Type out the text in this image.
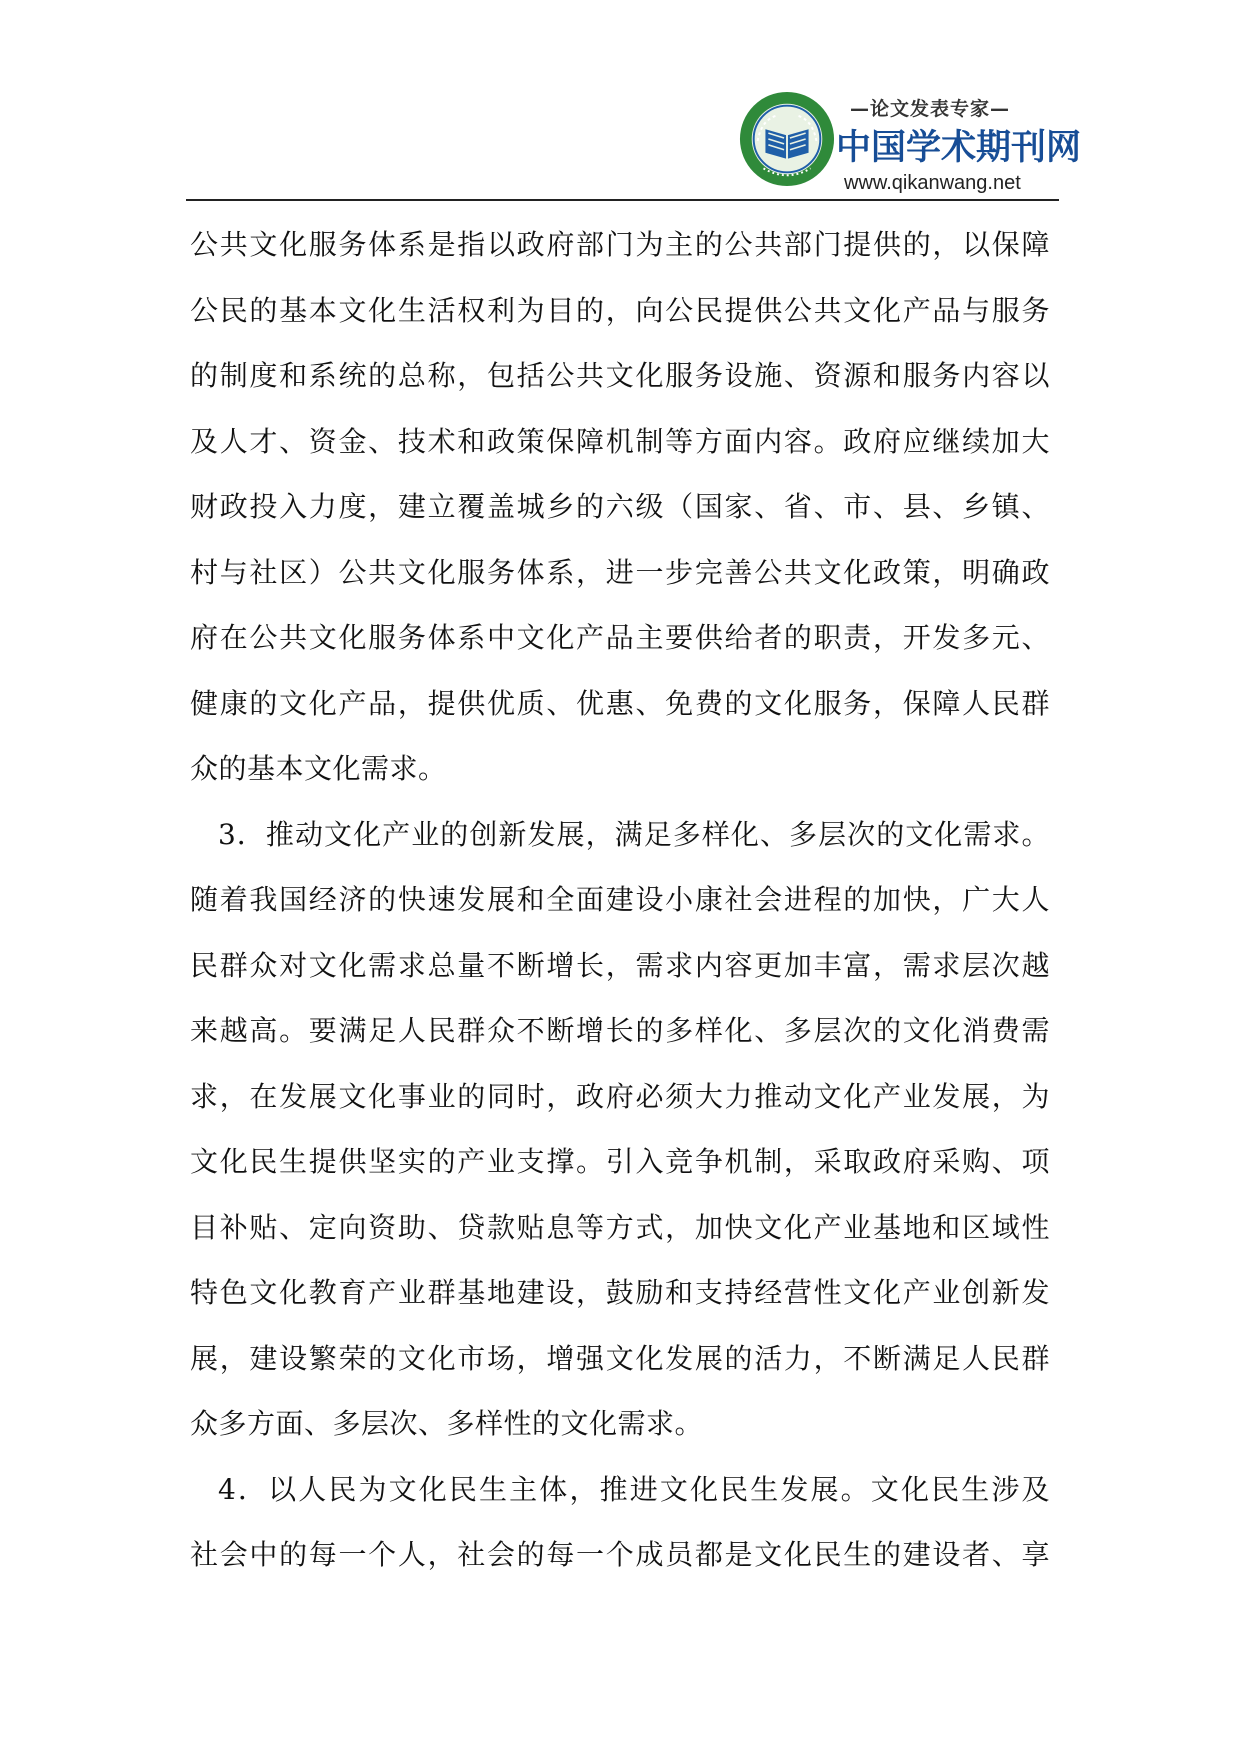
—论文发表专家—
中国学术期刊网
www.qikanwang.net
公共文化服务体系是指以政府部门为主的公共部门提供的，以保障
公民的基本文化生活权利为目的，向公民提供公共文化产品与服务
的制度和系统的总称，包括公共文化服务设施、资源和服务内容以
及人才、资金、技术和政策保障机制等方面内容。政府应继续加大
财政投入力度，建立覆盖城乡的六级（国家、省、市、县、乡镇、
村与社区）公共文化服务体系，进一步完善公共文化政策，明确政
府在公共文化服务体系中文化产品主要供给者的职责，开发多元、
健康的文化产品，提供优质、优惠、免费的文化服务，保障人民群
众的基本文化需求。
3．推动文化产业的创新发展，满足多样化、多层次的文化需求。
随着我国经济的快速发展和全面建设小康社会进程的加快，广大人
民群众对文化需求总量不断增长，需求内容更加丰富，需求层次越
来越高。要满足人民群众不断增长的多样化、多层次的文化消费需
求，在发展文化事业的同时，政府必须大力推动文化产业发展，为
文化民生提供坚实的产业支撑。引入竞争机制，采取政府采购、项
目补贴、定向资助、贷款贴息等方式，加快文化产业基地和区域性
特色文化教育产业群基地建设，鼓励和支持经营性文化产业创新发
展，建设繁荣的文化市场，增强文化发展的活力，不断满足人民群
众多方面、多层次、多样性的文化需求。
4．以人民为文化民生主体，推进文化民生发展。文化民生涉及
社会中的每一个人，社会的每一个成员都是文化民生的建设者、享
